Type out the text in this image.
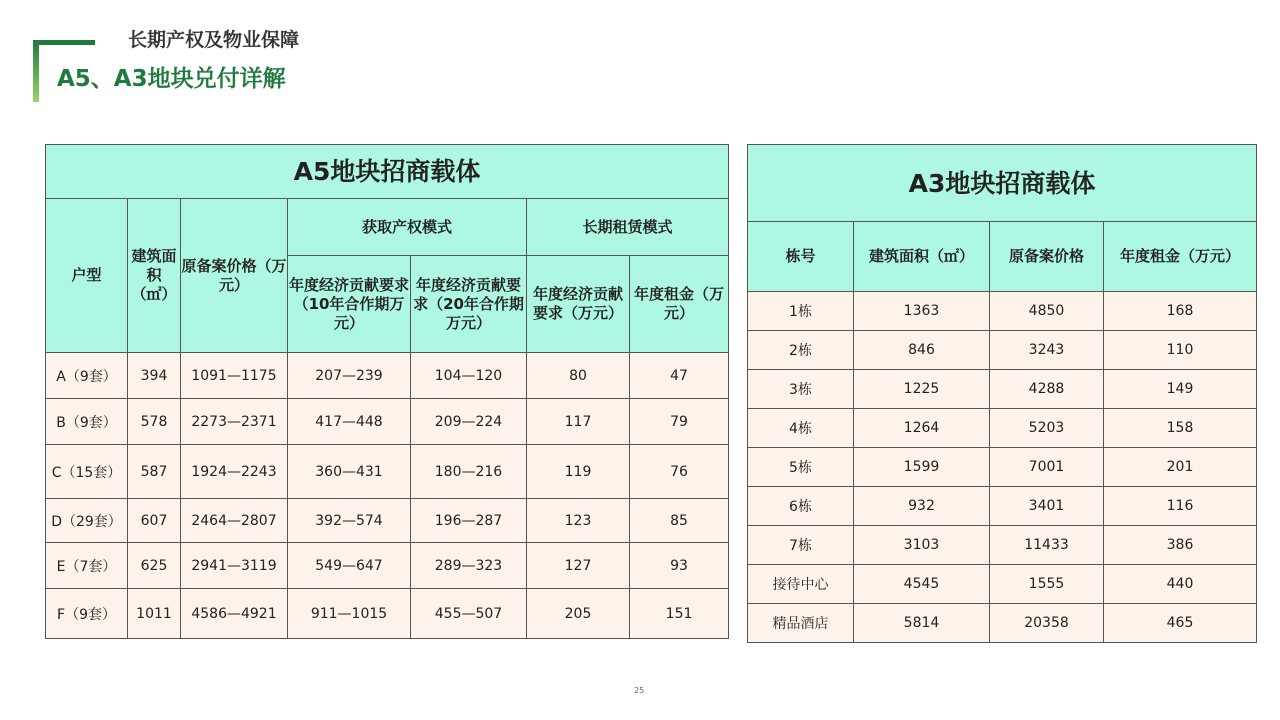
长期产权及物业保障
A5、A3地块兑付详解
A5地块招商载体						
户型	建筑面积（㎡）	原备案价格（万元）	获取产权模式		长期租赁模式	
			年度经济贡献要求（10年合作期万元）	年度经济贡献要求（20年合作期万元）	年度经济贡献要求（万元）	年度租金（万元）
A（9套）	394	1091—1175	207—239	104—120	80	47
B（9套）	578	2273—2371	417—448	209—224	117	79
C（15套）	587	1924—2243	360—431	180—216	119	76
D（29套）	607	2464—2807	392—574	196—287	123	85
E（7套）	625	2941—3119	549—647	289—323	127	93
F（9套）	1011	4586—4921	911—1015	455—507	205	151
A3地块招商载体			
栋号	建筑面积（㎡）	原备案价格	年度租金（万元）
1栋	1363	4850	168
2栋	846	3243	110
3栋	1225	4288	149
4栋	1264	5203	158
5栋	1599	7001	201
6栋	932	3401	116
7栋	3103	11433	386
接待中心	4545	1555	440
精品酒店	5814	20358	465
25
